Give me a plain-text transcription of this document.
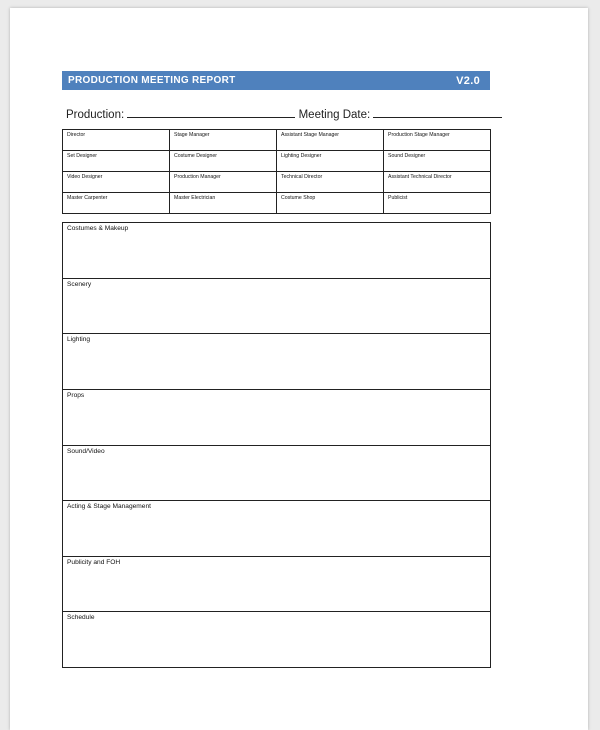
PRODUCTION MEETING REPORT	V2.0
Production:	Meeting Date:
Director	Stage Manager	Assistant Stage Manager	Production Stage Manager
Set Designer	Costume Designer	Lighting Designer	Sound Designer
Video Designer	Production Manager	Technical Director	Assistant Technical Director
Master Carpenter	Master Electrician	Costume Shop	Publicist
Costumes & Makeup
Scenery
Lighting
Props
Sound/Video
Acting & Stage Management
Publicity and FOH
Schedule
